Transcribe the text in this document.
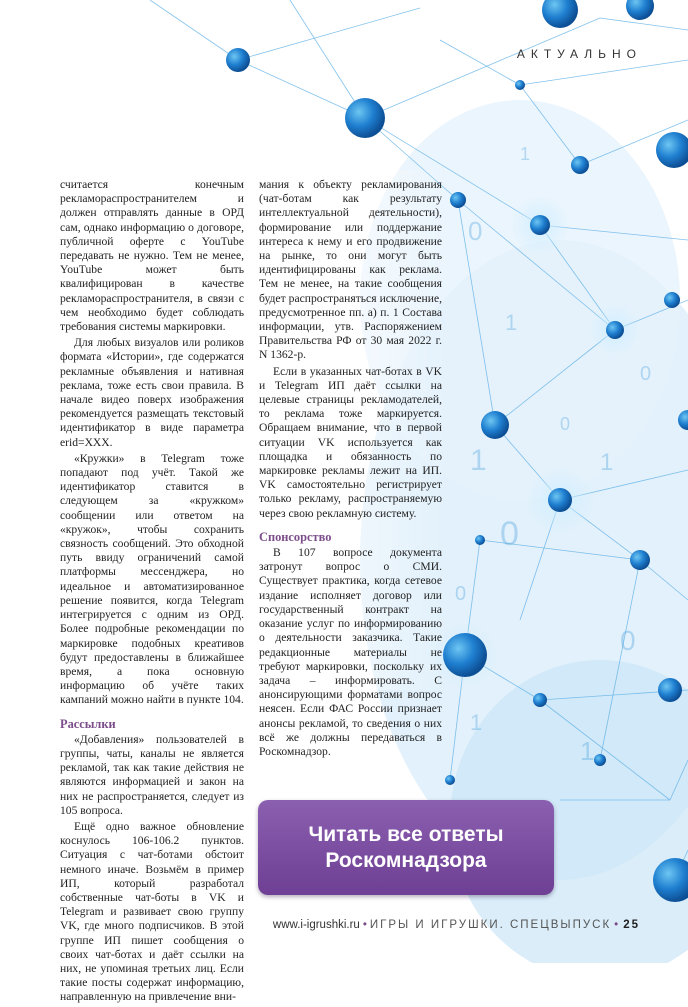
0
1
1
0
0
1
0
0
1
1
0
1
АКТУАЛЬНО

считается конечным рекламораспространителем и должен отправлять данные в ОРД сам, однако информацию о договоре, публичной оферте с YouTube передавать не нужно. Тем не менее, YouTube может быть квалифицирован в качестве рекламораспространителя, в связи с чем необходимо будет соблюдать требования системы маркировки.

Для любых визуалов или роликов формата «Истории», где содержатся рекламные объявления и нативная реклама, тоже есть свои правила. В начале видео поверх изображения рекомендуется размещать текстовый идентификатор в виде параметра erid=XXX.

«Кружки» в Telegram тоже попадают под учёт. Такой же идентификатор ставится в следующем за «кружком» сообщении или ответом на «кружок», чтобы сохранить связность сообщений. Это обходной путь ввиду ограничений самой платформы мессенджера, но идеальное и автоматизированное решение появится, когда Telegram интегрируется с одним из ОРД. Более подробные рекомендации по маркировке подобных креативов будут предоставлены в ближайшее время, а пока основную информацию об учёте таких кампаний можно найти в пункте 104.

Рассылки

«Добавления» пользователей в группы, чаты, каналы не является рекламой, так как такие действия не являются информацией и закон на них не распространяется, следует из 105 вопроса.

Ещё одно важное обновление коснулось 106-106.2 пунктов. Ситуация с чат-ботами обстоит немного иначе. Возьмём в пример ИП, который разработал собственные чат-боты в VK и Telegram и развивает свою группу VK, где много подписчиков. В этой группе ИП пишет сообщения о своих чат-ботах и даёт ссылки на них, не упоминая третьих лиц. Если такие посты содержат информацию, направленную на привлечение вни-

мания к объекту рекламирования (чат-ботам как результату интеллектуальной деятельности), формирование или поддержание интереса к нему и его продвижение на рынке, то они могут быть идентифицированы как реклама. Тем не менее, на такие сообщения будет распространяться исключение, предусмотренное пп. а) п. 1 Состава информации, утв. Распоряжением Правительства РФ от 30 мая 2022 г. N 1362-р.

Если в указанных чат-ботах в VK и Telegram ИП даёт ссылки на целевые страницы рекламодателей, то реклама тоже маркируется. Обращаем внимание, что в первой ситуации VK используется как площадка и обязанность по маркировке рекламы лежит на ИП. VK самостоятельно регистрирует только рекламу, распространяемую через свою рекламную систему.

Спонсорство

В 107 вопросе документа затронут вопрос о СМИ. Существует практика, когда сетевое издание исполняет договор или государственный контракт на оказание услуг по информированию о деятельности заказчика. Такие редакционные материалы не требуют маркировки, поскольку их задача – информировать. С анонсирующими форматами вопрос неясен. Если ФАС России признает анонсы рекламой, то сведения о них всё же должны передаваться в Роскомнадзор.

Читать все ответы
Роскомнадзора
www.i-igrushki.ru • ИГРЫ И ИГРУШКИ. СПЕЦВЫПУСК • 25
